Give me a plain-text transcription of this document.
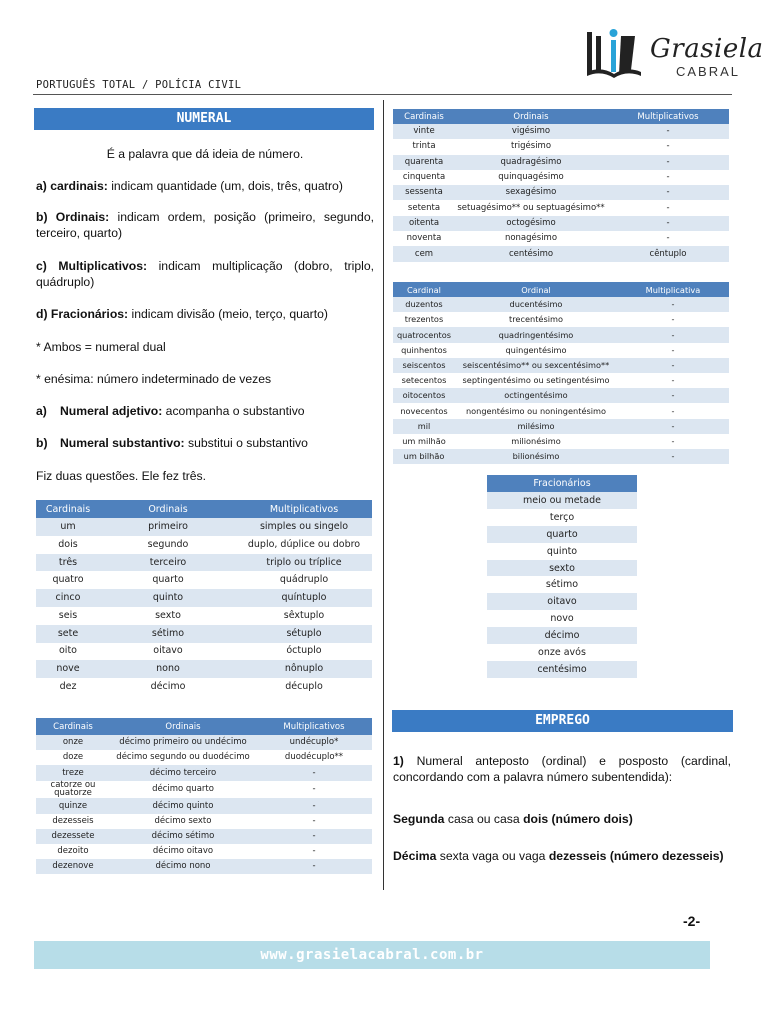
Grasiela
CABRAL
PORTUGUÊS TOTAL / POLÍCIA CIVIL
NUMERAL
É a palavra que dá ideia de número.
a) cardinais: indicam quantidade (um, dois, três, quatro)
b) Ordinais: indicam ordem, posição (primeiro, segundo, terceiro, quarto)
c) Multiplicativos: indicam multiplicação (dobro, triplo, quádruplo)
d) Fracionários: indicam divisão (meio, terço, quarto)
* Ambos = numeral dual
* enésima: número indeterminado de vezes
a) Numeral adjetivo: acompanha o substantivo
b) Numeral substantivo: substitui o substantivo
Fiz duas questões. Ele fez três.
Cardinais	Ordinais	Multiplicativos
um	primeiro	simples ou singelo
dois	segundo	duplo, dúplice ou dobro
três	terceiro	triplo ou tríplice
quatro	quarto	quádruplo
cinco	quinto	quíntuplo
seis	sexto	sêxtuplo
sete	sétimo	sétuplo
oito	oitavo	óctuplo
nove	nono	nônuplo
dez	décimo	décuplo
Cardinais	Ordinais	Multiplicativos
onze	décimo primeiro ou undécimo	undécuplo*
doze	décimo segundo ou duodécimo	duodécuplo**
treze	décimo terceiro	-
catorze ou quatorze	décimo quarto	-
quinze	décimo quinto	-
dezesseis	décimo sexto	-
dezessete	décimo sétimo	-
dezoito	décimo oitavo	-
dezenove	décimo nono	-
Cardinais	Ordinais	Multiplicativos
vinte	vigésimo	-
trinta	trigésimo	-
quarenta	quadragésimo	-
cinquenta	quinquagésimo	-
sessenta	sexagésimo	-
setenta	setuagésimo** ou septuagésimo**	-
oitenta	octogésimo	-
noventa	nonagésimo	-
cem	centésimo	cêntuplo
Cardinal	Ordinal	Multiplicativa
duzentos	ducentésimo	-
trezentos	trecentésimo	-
quatrocentos	quadringentésimo	-
quinhentos	quingentésimo	-
seiscentos	seiscentésimo** ou sexcentésimo**	-
setecentos	septingentésimo ou setingentésimo	-
oitocentos	octingentésimo	-
novecentos	nongentésimo ou noningentésimo	-
mil	milésimo	-
um milhão	milionésimo	-
um bilhão	bilionésimo	-
Fracionários
meio ou metade
terço
quarto
quinto
sexto
sétimo
oitavo
novo
décimo
onze avós
centésimo
EMPREGO
1) Numeral anteposto (ordinal) e posposto (cardinal, concordando com a palavra número subentendida):
Segunda casa ou casa dois (número dois)
Décima sexta vaga ou vaga dezesseis (número dezesseis)
-2-
www.grasielacabral.com.br
